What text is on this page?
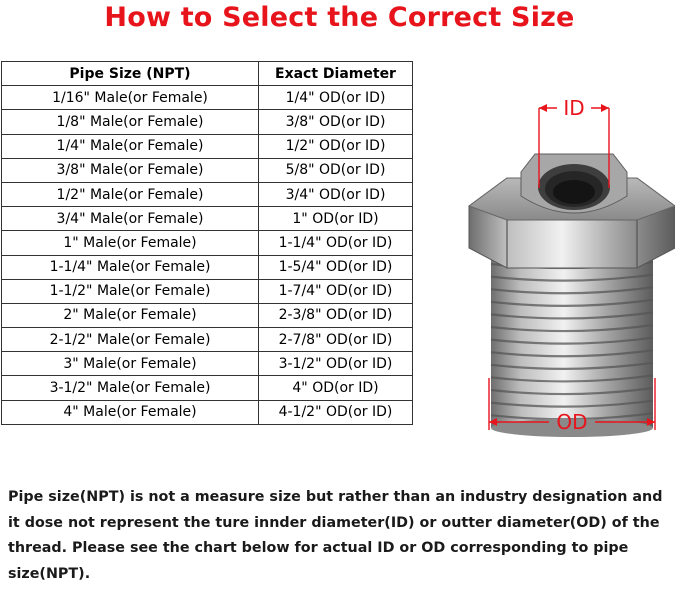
How to Select the Correct Size
Pipe Size (NPT)	Exact Diameter
1/16" Male(or Female)	1/4" OD(or ID)
1/8" Male(or Female)	3/8" OD(or ID)
1/4" Male(or Female)	1/2" OD(or ID)
3/8" Male(or Female)	5/8" OD(or ID)
1/2" Male(or Female)	3/4" OD(or ID)
3/4" Male(or Female)	1" OD(or ID)
1" Male(or Female)	1-1/4" OD(or ID)
1-1/4" Male(or Female)	1-5/4" OD(or ID)
1-1/2" Male(or Female)	1-7/4" OD(or ID)
2" Male(or Female)	2-3/8" OD(or ID)
2-1/2" Male(or Female)	2-7/8" OD(or ID)
3" Male(or Female)	3-1/2" OD(or ID)
3-1/2" Male(or Female)	4" OD(or ID)
4" Male(or Female)	4-1/2" OD(or ID)
ID
OD
Pipe size(NPT) is not a measure size but rather than an industry designation and it dose not represent the ture innder diameter(ID) or outter diameter(OD) of the thread. Please see the chart below for actual ID or OD corresponding to pipe size(NPT).
